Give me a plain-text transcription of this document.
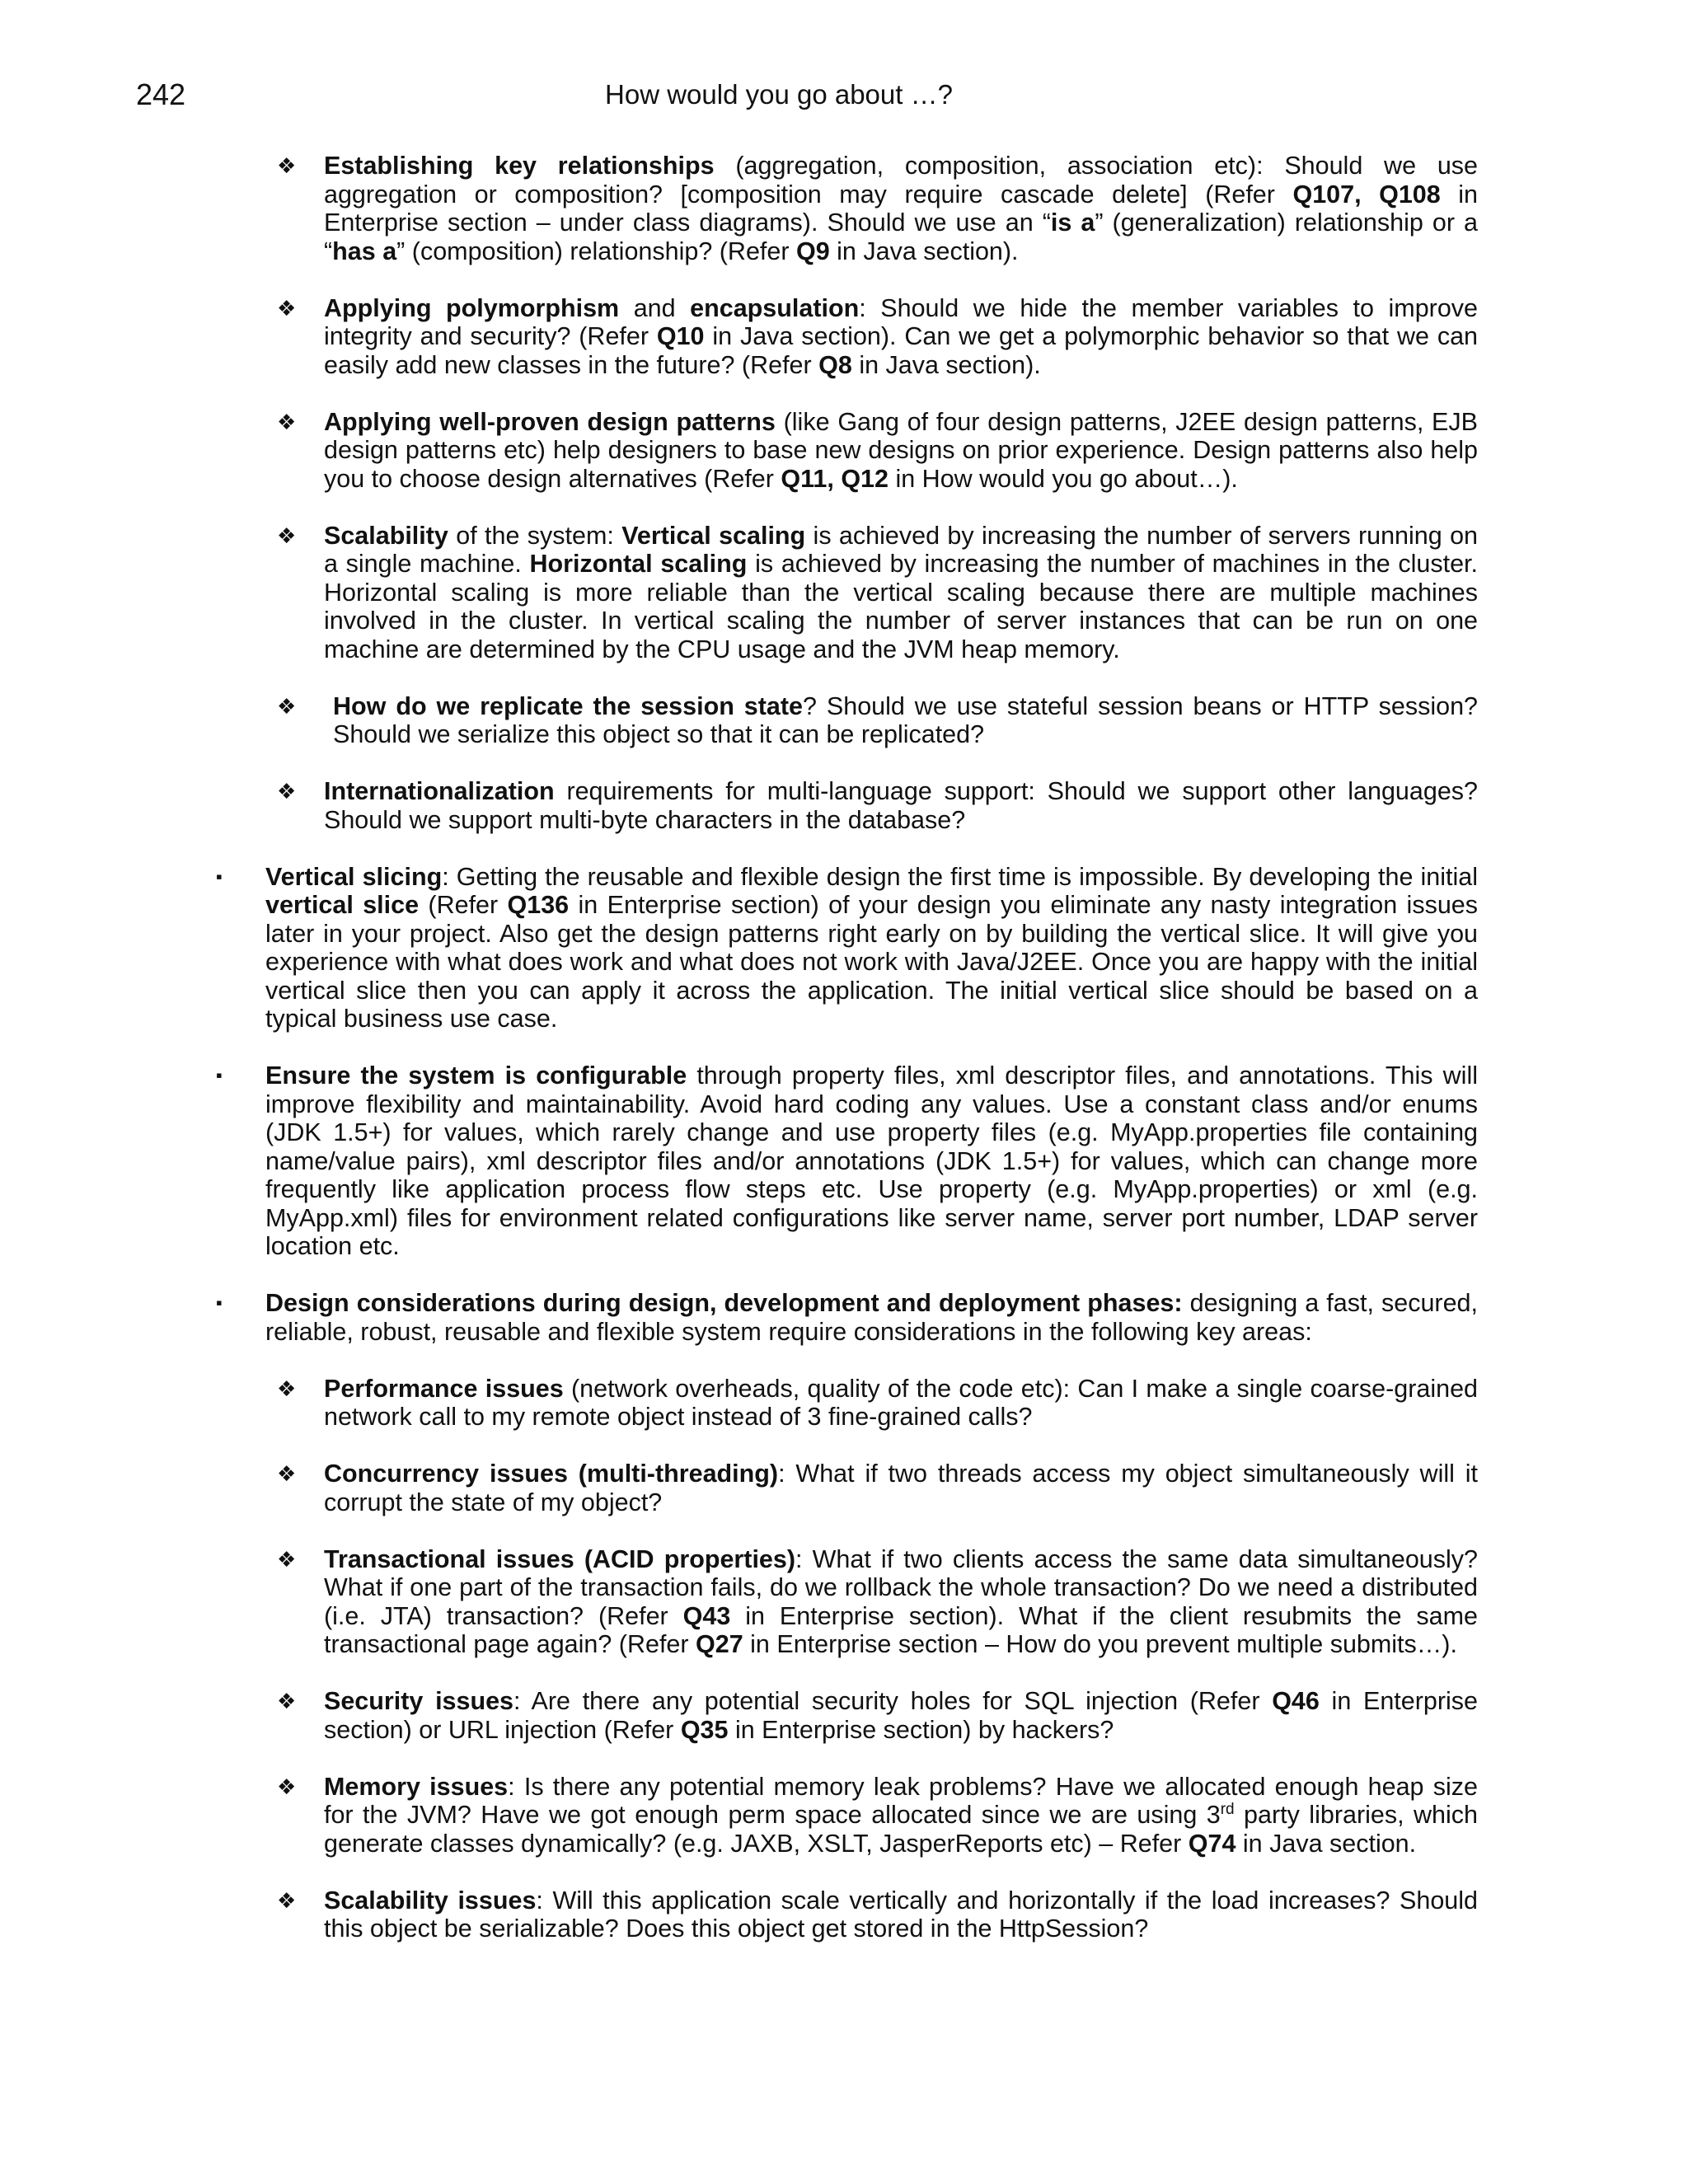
242	How would you go about …?
❖ Establishing key relationships (aggregation, composition, association etc): Should we use aggregation or composition? [composition may require cascade delete] (Refer Q107, Q108 in Enterprise section – under class diagrams). Should we use an “is a” (generalization) relationship or a “has a” (composition) relationship? (Refer Q9 in Java section).
❖ Applying polymorphism and encapsulation: Should we hide the member variables to improve integrity and security? (Refer Q10 in Java section). Can we get a polymorphic behavior so that we can easily add new classes in the future? (Refer Q8 in Java section).
❖ Applying well-proven design patterns (like Gang of four design patterns, J2EE design patterns, EJB design patterns etc) help designers to base new designs on prior experience. Design patterns also help you to choose design alternatives (Refer Q11, Q12 in How would you go about…).
❖ Scalability of the system: Vertical scaling is achieved by increasing the number of servers running on a single machine. Horizontal scaling is achieved by increasing the number of machines in the cluster. Horizontal scaling is more reliable than the vertical scaling because there are multiple machines involved in the cluster. In vertical scaling the number of server instances that can be run on one machine are determined by the CPU usage and the JVM heap memory.
❖ How do we replicate the session state? Should we use stateful session beans or HTTP session? Should we serialize this object so that it can be replicated?
❖ Internationalization requirements for multi-language support: Should we support other languages? Should we support multi-byte characters in the database?
▪ Vertical slicing: Getting the reusable and flexible design the first time is impossible. By developing the initial vertical slice (Refer Q136 in Enterprise section) of your design you eliminate any nasty integration issues later in your project. Also get the design patterns right early on by building the vertical slice. It will give you experience with what does work and what does not work with Java/J2EE. Once you are happy with the initial vertical slice then you can apply it across the application. The initial vertical slice should be based on a typical business use case.
▪ Ensure the system is configurable through property files, xml descriptor files, and annotations. This will improve flexibility and maintainability. Avoid hard coding any values. Use a constant class and/or enums (JDK 1.5+) for values, which rarely change and use property files (e.g. MyApp.properties file containing name/value pairs), xml descriptor files and/or annotations (JDK 1.5+) for values, which can change more frequently like application process flow steps etc. Use property (e.g. MyApp.properties) or xml (e.g. MyApp.xml) files for environment related configurations like server name, server port number, LDAP server location etc.
▪ Design considerations during design, development and deployment phases: designing a fast, secured, reliable, robust, reusable and flexible system require considerations in the following key areas:
❖ Performance issues (network overheads, quality of the code etc): Can I make a single coarse-grained network call to my remote object instead of 3 fine-grained calls?
❖ Concurrency issues (multi-threading): What if two threads access my object simultaneously will it corrupt the state of my object?
❖ Transactional issues (ACID properties): What if two clients access the same data simultaneously? What if one part of the transaction fails, do we rollback the whole transaction? Do we need a distributed (i.e. JTA) transaction? (Refer Q43 in Enterprise section). What if the client resubmits the same transactional page again? (Refer Q27 in Enterprise section – How do you prevent multiple submits…).
❖ Security issues: Are there any potential security holes for SQL injection (Refer Q46 in Enterprise section) or URL injection (Refer Q35 in Enterprise section) by hackers?
❖ Memory issues: Is there any potential memory leak problems? Have we allocated enough heap size for the JVM? Have we got enough perm space allocated since we are using 3rd party libraries, which generate classes dynamically? (e.g. JAXB, XSLT, JasperReports etc) – Refer Q74 in Java section.
❖ Scalability issues: Will this application scale vertically and horizontally if the load increases? Should this object be serializable? Does this object get stored in the HttpSession?
